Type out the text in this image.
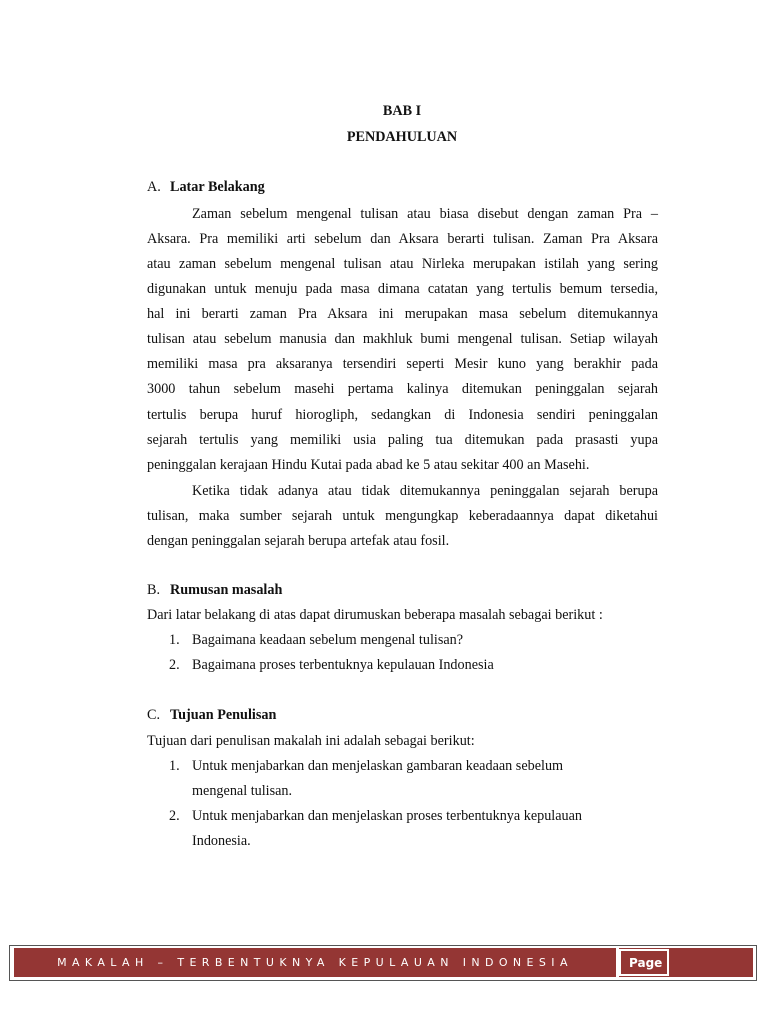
BAB I
PENDAHULUAN
A. Latar Belakang
Zaman sebelum mengenal tulisan atau biasa disebut dengan zaman Pra –
Aksara. Pra memiliki arti sebelum dan Aksara berarti tulisan. Zaman Pra Aksara
atau zaman sebelum mengenal tulisan atau Nirleka merupakan istilah yang sering
digunakan untuk menuju pada masa dimana catatan yang tertulis bemum tersedia,
hal ini berarti zaman Pra Aksara ini merupakan masa sebelum ditemukannya
tulisan atau sebelum manusia dan makhluk bumi mengenal tulisan. Setiap wilayah
memiliki masa pra aksaranya tersendiri seperti Mesir kuno yang berakhir pada
3000 tahun sebelum masehi pertama kalinya ditemukan peninggalan sejarah
tertulis berupa huruf hiorogliph, sedangkan di Indonesia sendiri peninggalan
sejarah tertulis yang memiliki usia paling tua ditemukan pada prasasti yupa
peninggalan kerajaan Hindu Kutai pada abad ke 5 atau sekitar 400 an Masehi.
Ketika tidak adanya atau tidak ditemukannya peninggalan sejarah berupa
tulisan, maka sumber sejarah untuk mengungkap keberadaannya dapat diketahui
dengan peninggalan sejarah berupa artefak atau fosil.
B. Rumusan masalah
Dari latar belakang di atas dapat dirumuskan beberapa masalah sebagai berikut :
1. Bagaimana keadaan sebelum mengenal tulisan?
2. Bagaimana proses terbentuknya kepulauan Indonesia
C. Tujuan Penulisan
Tujuan dari penulisan makalah ini adalah sebagai berikut:
1. Untuk menjabarkan dan menjelaskan gambaran keadaan sebelum
mengenal tulisan.
2. Untuk menjabarkan dan menjelaskan proses terbentuknya kepulauan
Indonesia.
MAKALAH – TERBENTUKNYA KEPULAUAN INDONESIA	Page 1
